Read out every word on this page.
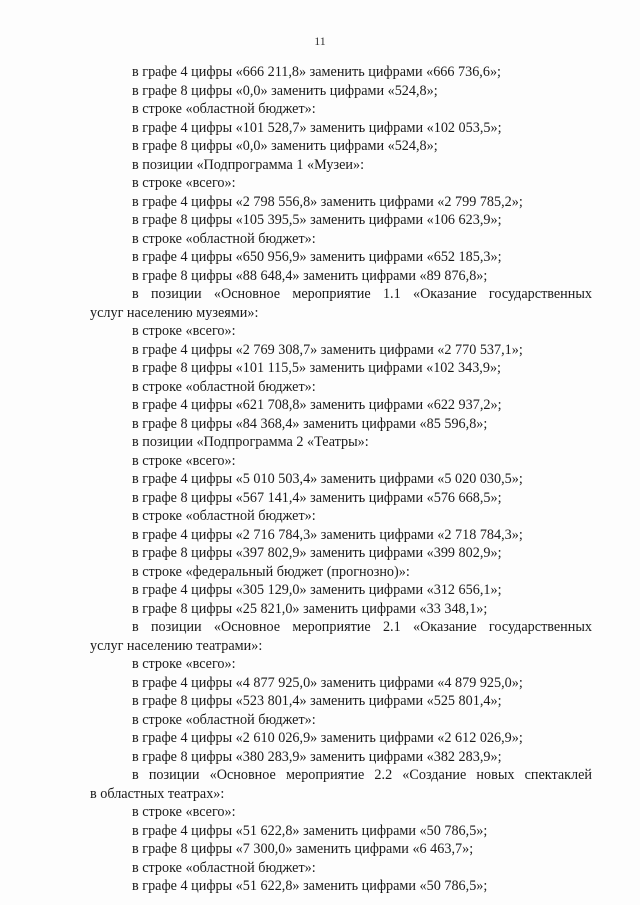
11
в графе 4 цифры «666 211,8» заменить цифрами «666 736,6»;
в графе 8 цифры «0,0» заменить цифрами «524,8»;
в строке «областной бюджет»:
в графе 4 цифры «101 528,7» заменить цифрами «102 053,5»;
в графе 8 цифры «0,0» заменить цифрами «524,8»;
в позиции «Подпрограмма 1 «Музеи»:
в строке «всего»:
в графе 4 цифры «2 798 556,8» заменить цифрами «2 799 785,2»;
в графе 8 цифры «105 395,5» заменить цифрами «106 623,9»;
в строке «областной бюджет»:
в графе 4 цифры «650 956,9» заменить цифрами «652 185,3»;
в графе 8 цифры «88 648,4» заменить цифрами «89 876,8»;
в позиции «Основное мероприятие 1.1 «Оказание государственных
услуг населению музеями»:
в строке «всего»:
в графе 4 цифры «2 769 308,7» заменить цифрами «2 770 537,1»;
в графе 8 цифры «101 115,5» заменить цифрами «102 343,9»;
в строке «областной бюджет»:
в графе 4 цифры «621 708,8» заменить цифрами «622 937,2»;
в графе 8 цифры «84 368,4» заменить цифрами «85 596,8»;
в позиции «Подпрограмма 2 «Театры»:
в строке «всего»:
в графе 4 цифры «5 010 503,4» заменить цифрами «5 020 030,5»;
в графе 8 цифры «567 141,4» заменить цифрами «576 668,5»;
в строке «областной бюджет»:
в графе 4 цифры «2 716 784,3» заменить цифрами «2 718 784,3»;
в графе 8 цифры «397 802,9» заменить цифрами «399 802,9»;
в строке «федеральный бюджет (прогнозно)»:
в графе 4 цифры «305 129,0» заменить цифрами «312 656,1»;
в графе 8 цифры «25 821,0» заменить цифрами «33 348,1»;
в позиции «Основное мероприятие 2.1 «Оказание государственных
услуг населению театрами»:
в строке «всего»:
в графе 4 цифры «4 877 925,0» заменить цифрами «4 879 925,0»;
в графе 8 цифры «523 801,4» заменить цифрами «525 801,4»;
в строке «областной бюджет»:
в графе 4 цифры «2 610 026,9» заменить цифрами «2 612 026,9»;
в графе 8 цифры «380 283,9» заменить цифрами «382 283,9»;
в позиции «Основное мероприятие 2.2 «Создание новых спектаклей
в областных театрах»:
в строке «всего»:
в графе 4 цифры «51 622,8» заменить цифрами «50 786,5»;
в графе 8 цифры «7 300,0» заменить цифрами «6 463,7»;
в строке «областной бюджет»:
в графе 4 цифры «51 622,8» заменить цифрами «50 786,5»;
